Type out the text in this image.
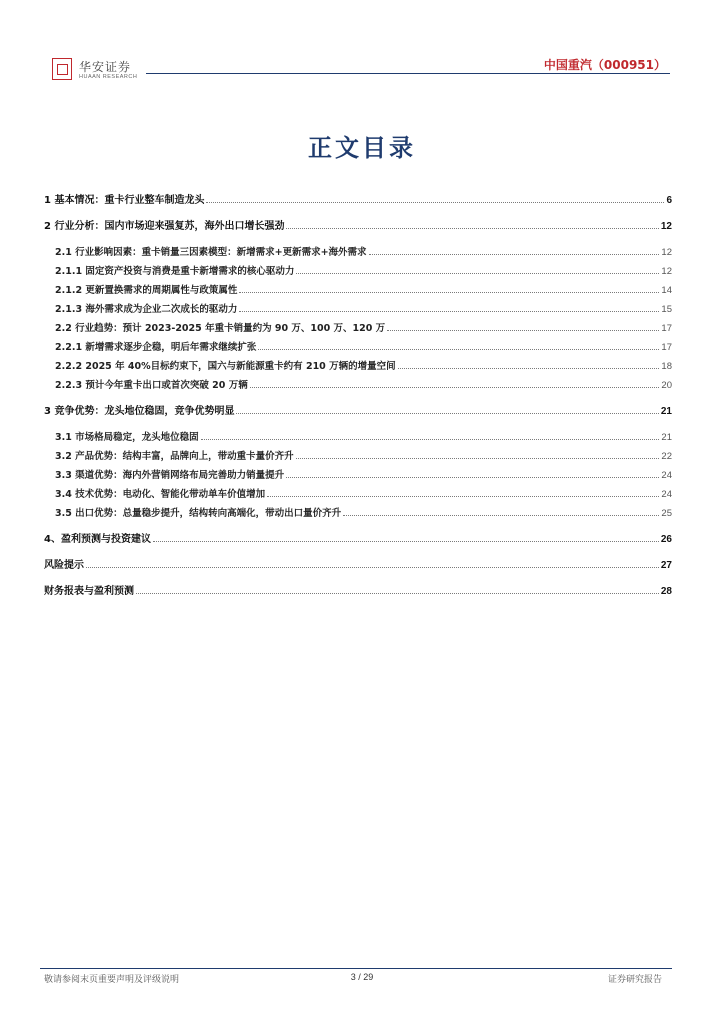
华安证券
HUAAN RESEARCH
中国重汽（000951）
正文目录
1 基本情况：重卡行业整车制造龙头	6
2 行业分析：国内市场迎来强复苏，海外出口增长强劲	12
2.1 行业影响因素：重卡销量三因素模型：新增需求+更新需求+海外需求	12
2.1.1 固定资产投资与消费是重卡新增需求的核心驱动力	12
2.1.2 更新置换需求的周期属性与政策属性	14
2.1.3 海外需求成为企业二次成长的驱动力	15
2.2 行业趋势：预计 2023-2025 年重卡销量约为 90 万、100 万、120 万	17
2.2.1 新增需求逐步企稳，明后年需求继续扩张	17
2.2.2 2025 年 40%目标约束下，国六与新能源重卡约有 210 万辆的增量空间	18
2.2.3 预计今年重卡出口或首次突破 20 万辆	20
3 竞争优势：龙头地位稳固，竞争优势明显	21
3.1 市场格局稳定，龙头地位稳固	21
3.2 产品优势：结构丰富，品牌向上，带动重卡量价齐升	22
3.3 渠道优势：海内外营销网络布局完善助力销量提升	24
3.4 技术优势：电动化、智能化带动单车价值增加	24
3.5 出口优势：总量稳步提升，结构转向高端化，带动出口量价齐升	25
4、盈利预测与投资建议	26
风险提示	27
财务报表与盈利预测	28
敬请参阅末页重要声明及评级说明	3 / 29	证券研究报告
